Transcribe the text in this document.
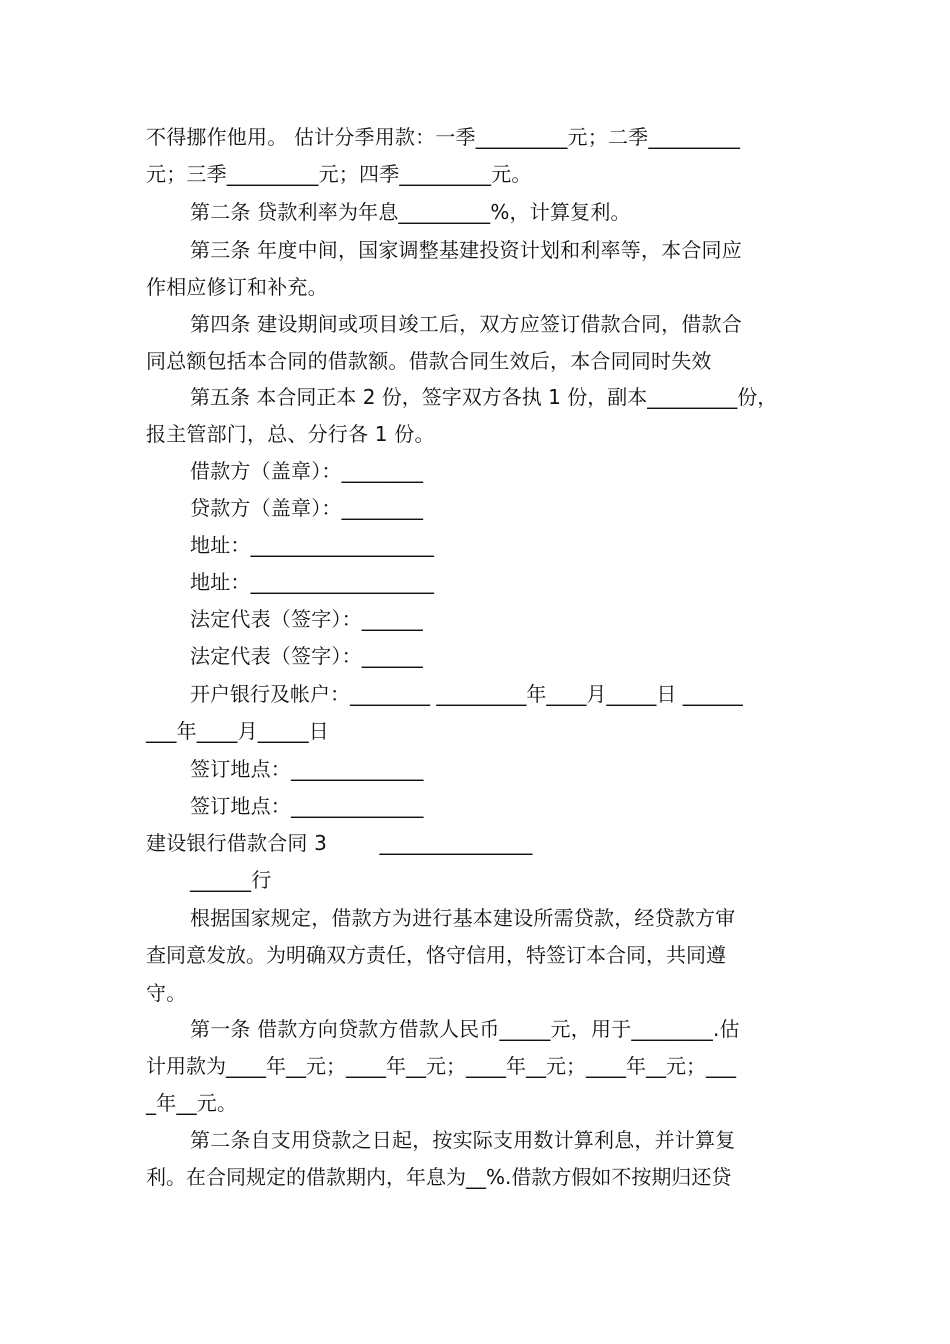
不得挪作他用。 估计分季用款：一季_________元；二季_________
元；三季_________元；四季_________元。
第二条 贷款利率为年息_________%，计算复利。
第三条 年度中间，国家调整基建投资计划和利率等，本合同应
作相应修订和补充。
第四条 建设期间或项目竣工后，双方应签订借款合同，借款合
同总额包括本合同的借款额。借款合同生效后，本合同同时失效
第五条 本合同正本 2 份，签字双方各执 1 份，副本_________份，
报主管部门，总、分行各 1 份。
借款方（盖章）：________
贷款方（盖章）：________
地址：__________________
地址：__________________
法定代表（签字）：______
法定代表（签字）：______
开户银行及帐户：________ _________年____月_____日 ______
___年____月_____日
签订地点：_____________
签订地点：_____________
建设银行借款合同 3        _______________
______行
根据国家规定，借款方为进行基本建设所需贷款，经贷款方审
查同意发放。为明确双方责任，恪守信用，特签订本合同，共同遵
守。
第一条 借款方向贷款方借款人民币_____元，用于________.估
计用款为____年__元；____年__元；____年__元；____年__元；___
_年__元。
第二条自支用贷款之日起，按实际支用数计算利息，并计算复
利。在合同规定的借款期内，年息为__%.借款方假如不按期归还贷
